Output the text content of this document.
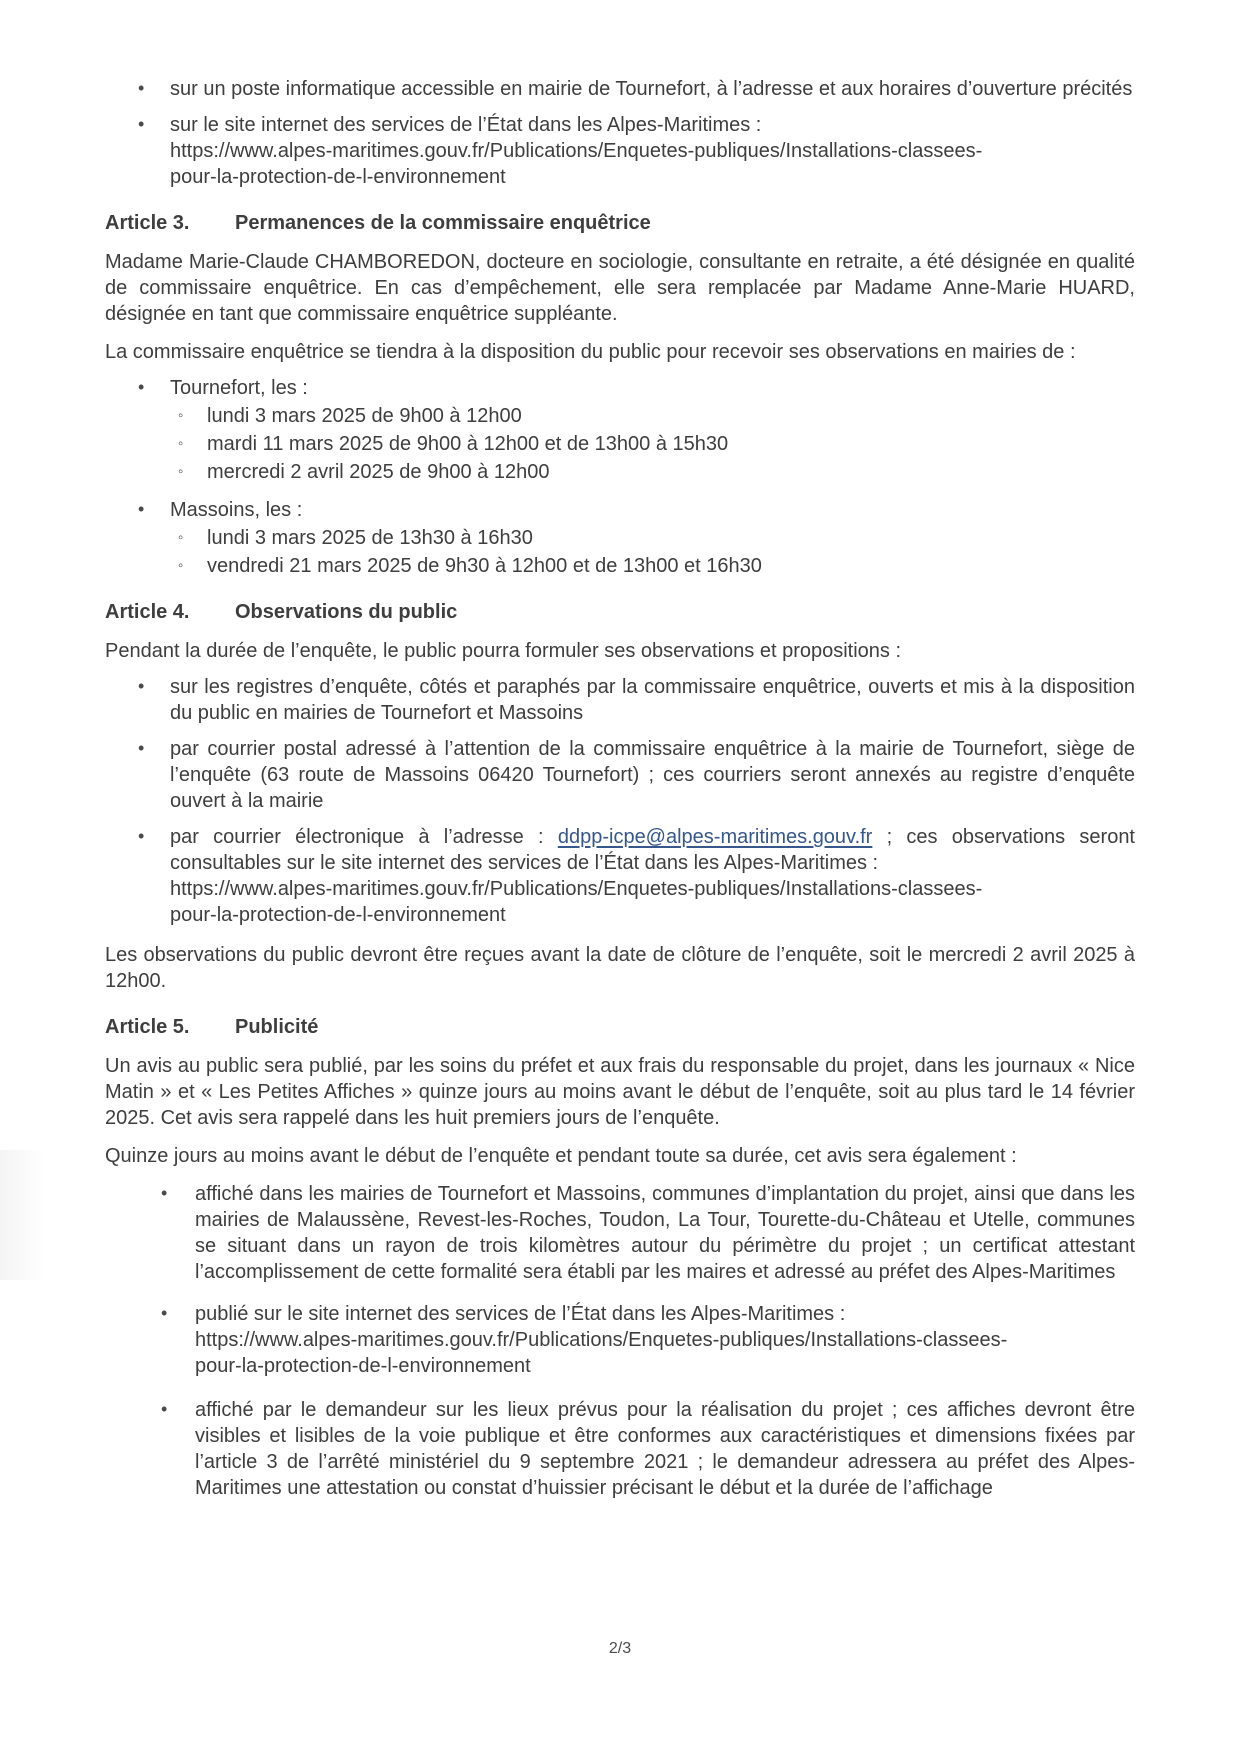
• sur un poste informatique accessible en mairie de Tournefort, à l’adresse et aux horaires d’ouverture précités
• sur le site internet des services de l’État dans les Alpes-Maritimes :
https://www.alpes-maritimes.gouv.fr/Publications/Enquetes-publiques/Installations-classees-
pour-la-protection-de-l-environnement
Article 3.	Permanences de la commissaire enquêtrice

Madame Marie-Claude CHAMBOREDON, docteure en sociologie, consultante en retraite, a été désignée en qualité de commissaire enquêtrice. En cas d’empêchement, elle sera remplacée par Madame Anne-Marie HUARD, désignée en tant que commissaire enquêtrice suppléante.

La commissaire enquêtrice se tiendra à la disposition du public pour recevoir ses observations en mairies de :

• Tournefort, les :
◦ lundi 3 mars 2025 de 9h00 à 12h00
◦ mardi 11 mars 2025 de 9h00 à 12h00 et de 13h00 à 15h30
◦ mercredi 2 avril 2025 de 9h00 à 12h00
• Massoins, les :
◦ lundi 3 mars 2025 de 13h30 à 16h30
◦ vendredi 21 mars 2025 de 9h30 à 12h00 et de 13h00 et 16h30
Article 4.	Observations du public

Pendant la durée de l’enquête, le public pourra formuler ses observations et propositions :

• sur les registres d’enquête, côtés et paraphés par la commissaire enquêtrice, ouverts et mis à la disposition du public en mairies de Tournefort et Massoins
• par courrier postal adressé à l’attention de la commissaire enquêtrice à la mairie de Tournefort, siège de l’enquête (63 route de Massoins 06420 Tournefort) ; ces courriers seront annexés au registre d’enquête ouvert à la mairie
• par courrier électronique à l’adresse : ddpp-icpe@alpes-maritimes.gouv.fr ; ces observations seront consultables sur le site internet des services de l’État dans les Alpes-Maritimes :
https://www.alpes-maritimes.gouv.fr/Publications/Enquetes-publiques/Installations-classees-
pour-la-protection-de-l-environnement

Les observations du public devront être reçues avant la date de clôture de l’enquête, soit le mercredi 2 avril 2025 à 12h00.

Article 5.	Publicité

Un avis au public sera publié, par les soins du préfet et aux frais du responsable du projet, dans les journaux « Nice Matin » et « Les Petites Affiches » quinze jours au moins avant le début de l’enquête, soit au plus tard le 14 février 2025. Cet avis sera rappelé dans les huit premiers jours de l’enquête.

Quinze jours au moins avant le début de l’enquête et pendant toute sa durée, cet avis sera également :

• affiché dans les mairies de Tournefort et Massoins, communes d’implantation du projet, ainsi que dans les mairies de Malaussène, Revest-les-Roches, Toudon, La Tour, Tourette-du-Château et Utelle, communes se situant dans un rayon de trois kilomètres autour du périmètre du projet ; un certificat attestant l’accomplissement de cette formalité sera établi par les maires et adressé au préfet des Alpes-Maritimes
• publié sur le site internet des services de l’État dans les Alpes-Maritimes :
https://www.alpes-maritimes.gouv.fr/Publications/Enquetes-publiques/Installations-classees-
pour-la-protection-de-l-environnement
• affiché par le demandeur sur les lieux prévus pour la réalisation du projet ; ces affiches devront être visibles et lisibles de la voie publique et être conformes aux caractéristiques et dimensions fixées par l’article 3 de l’arrêté ministériel du 9 septembre 2021 ; le demandeur adressera au préfet des Alpes-Maritimes une attestation ou constat d’huissier précisant le début et la durée de l’affichage
2/3
